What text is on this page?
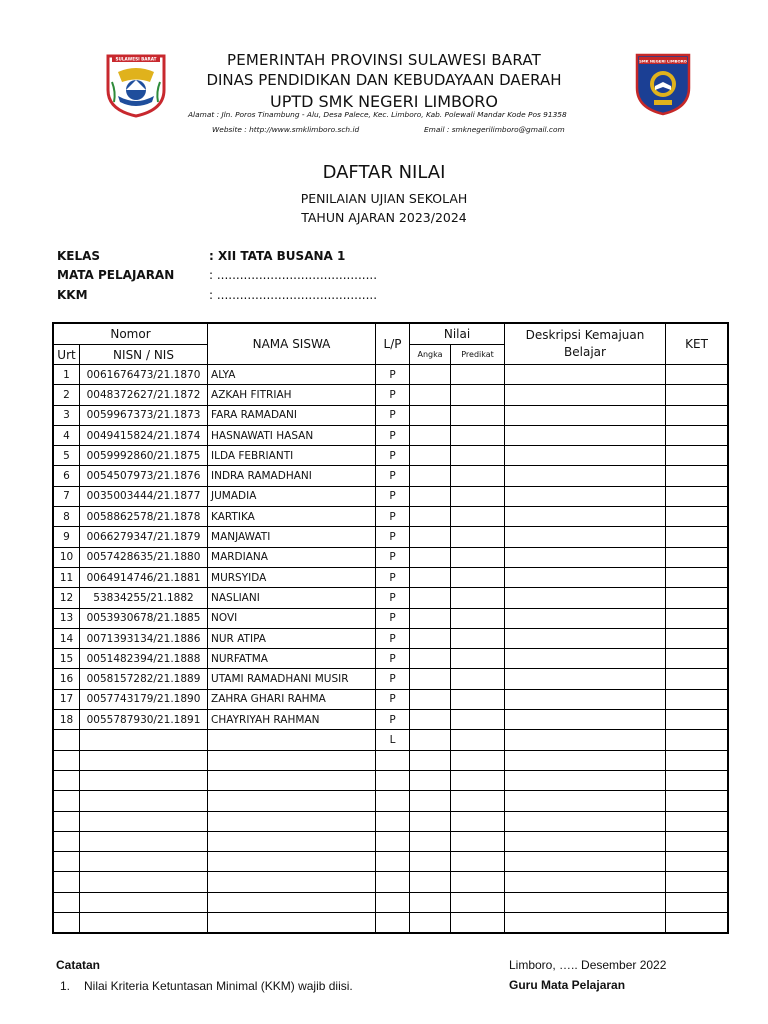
SULAWESI BARAT	SMK NEGERI LIMBORO
PEMERINTAH PROVINSI SULAWESI BARAT
DINAS PENDIDIKAN DAN KEBUDAYAAN DAERAH
UPTD SMK NEGERI LIMBORO
Alamat : Jln. Poros Tinambung - Alu, Desa Palece, Kec. Limboro, Kab. Polewali Mandar Kode Pos 91358
Website : http://www.smklimboro.sch.id	Email : smknegerilimboro@gmail.com
DAFTAR NILAI
PENILAIAN UJIAN SEKOLAH
TAHUN AJARAN 2023/2024
KELAS	: XII TATA BUSANA 1
MATA PELAJARAN	: ..........................................
KKM	: ..........................................
Nomor		NAMA SISWA	L/P	Nilai		Deskripsi Kemajuan Belajar	KET
Urt	NISN / NIS			Angka	Predikat		
1	0061676473/21.1870	ALYA	P				
2	0048372627/21.1872	AZKAH FITRIAH	P				
3	0059967373/21.1873	FARA RAMADANI	P				
4	0049415824/21.1874	HASNAWATI HASAN	P				
5	0059992860/21.1875	ILDA FEBRIANTI	P				
6	0054507973/21.1876	INDRA RAMADHANI	P				
7	0035003444/21.1877	JUMADIA	P				
8	0058862578/21.1878	KARTIKA	P				
9	0066279347/21.1879	MANJAWATI	P				
10	0057428635/21.1880	MARDIANA	P				
11	0064914746/21.1881	MURSYIDA	P				
12	53834255/21.1882	NASLIANI	P				
13	0053930678/21.1885	NOVI	P				
14	0071393134/21.1886	NUR ATIPA	P				
15	0051482394/21.1888	NURFATMA	P				
16	0058157282/21.1889	UTAMI RAMADHANI MUSIR	P				
17	0057743179/21.1890	ZAHRA GHARI RAHMA	P				
18	0055787930/21.1891	CHAYRIYAH RAHMAN	P				
			L				

Catatan
1. Nilai Kriteria Ketuntasan Minimal (KKM) wajib diisi.
Limboro, ….. Desember 2022
Guru Mata Pelajaran
